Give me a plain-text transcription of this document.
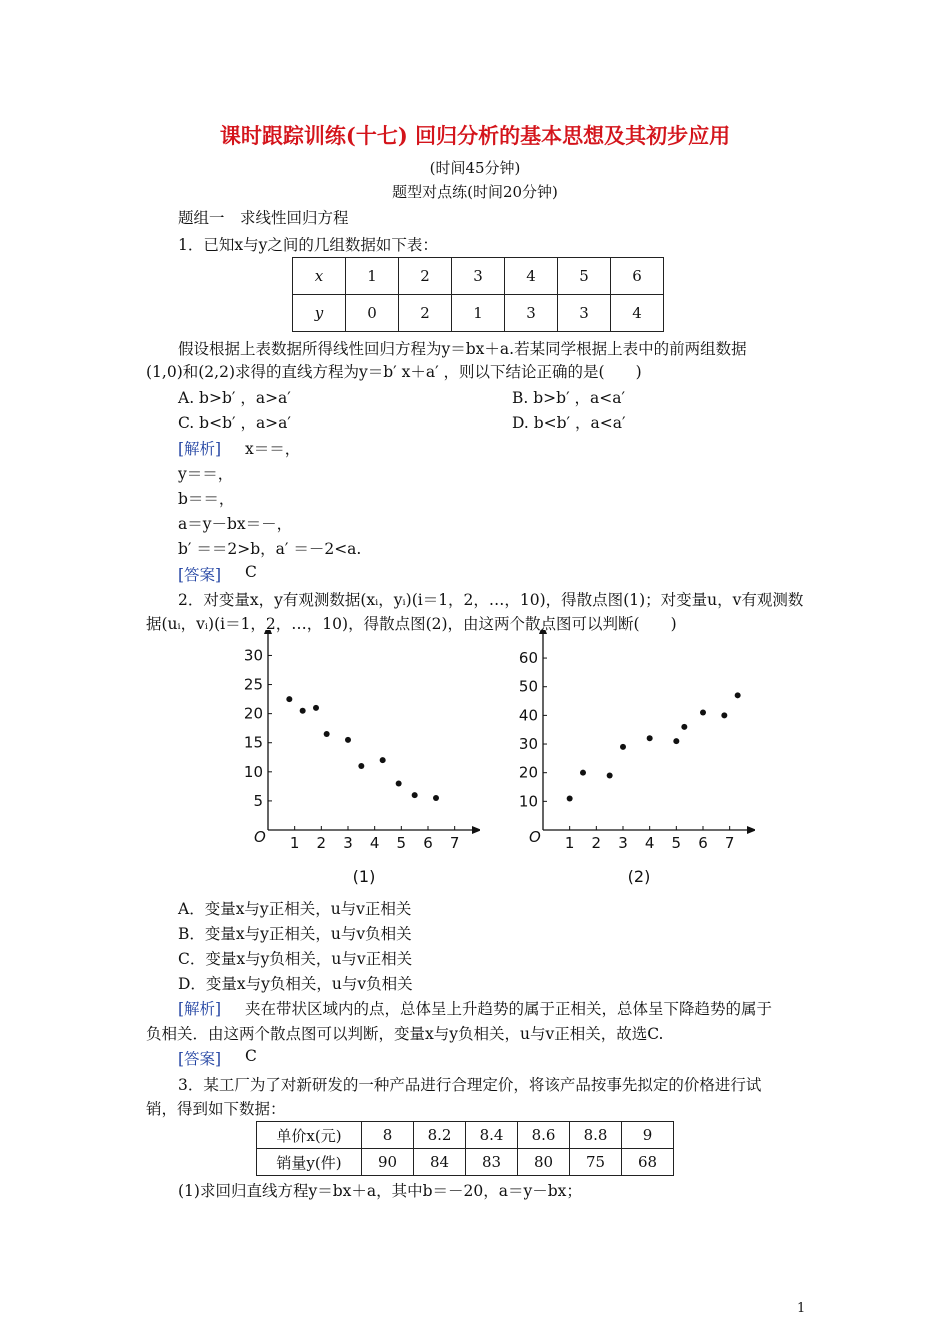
课时跟踪训练(十七) 回归分析的基本思想及其初步应用
(时间45分钟)
题型对点练(时间20分钟)
题组一　求线性回归方程
1．已知x与y之间的几组数据如下表：
x	1	2	3	4	5	6
y	0	2	1	3	3	4
假设根据上表数据所得线性回归方程为y＝bx＋a.若某同学根据上表中的前两组数据
(1,0)和(2,2)求得的直线方程为y＝b′ x＋a′ ，则以下结论正确的是(　　)
A. b>b′ ，a>a′	B. b>b′ ，a<a′
C. b<b′ ，a>a′	D. b<b′ ，a<a′
[解析] x＝＝，
y＝＝，
b＝＝，
a＝y－bx＝－，
b′ ＝＝2>b，a′ ＝－2<a.
[答案] C
2．对变量x，y有观测数据(xᵢ，yᵢ)(i＝1，2，…，10)，得散点图(1)；对变量u，v有观测数
据(uᵢ，vᵢ)(i＝1，2，…，10)，得散点图(2)，由这两个散点图可以判断(　　)
O 1 2 3 4 5 6 7
5
10
15
20
25
30
(1)
O 1 2 3 4 5 6 7
10
20
30
40
50
60
(2)
A．变量x与y正相关，u与v正相关
B．变量x与y正相关，u与v负相关
C．变量x与y负相关，u与v正相关
D．变量x与y负相关，u与v负相关
[解析] 夹在带状区域内的点，总体呈上升趋势的属于正相关，总体呈下降趋势的属于
负相关．由这两个散点图可以判断，变量x与y负相关，u与v正相关，故选C.
[答案] C
3．某工厂为了对新研发的一种产品进行合理定价，将该产品按事先拟定的价格进行试
销，得到如下数据：
单价x(元)	8	8.2	8.4	8.6	8.8	9
销量y(件)	90	84	83	80	75	68
(1)求回归直线方程y＝bx＋a，其中b＝－20，a＝y－bx；
1
